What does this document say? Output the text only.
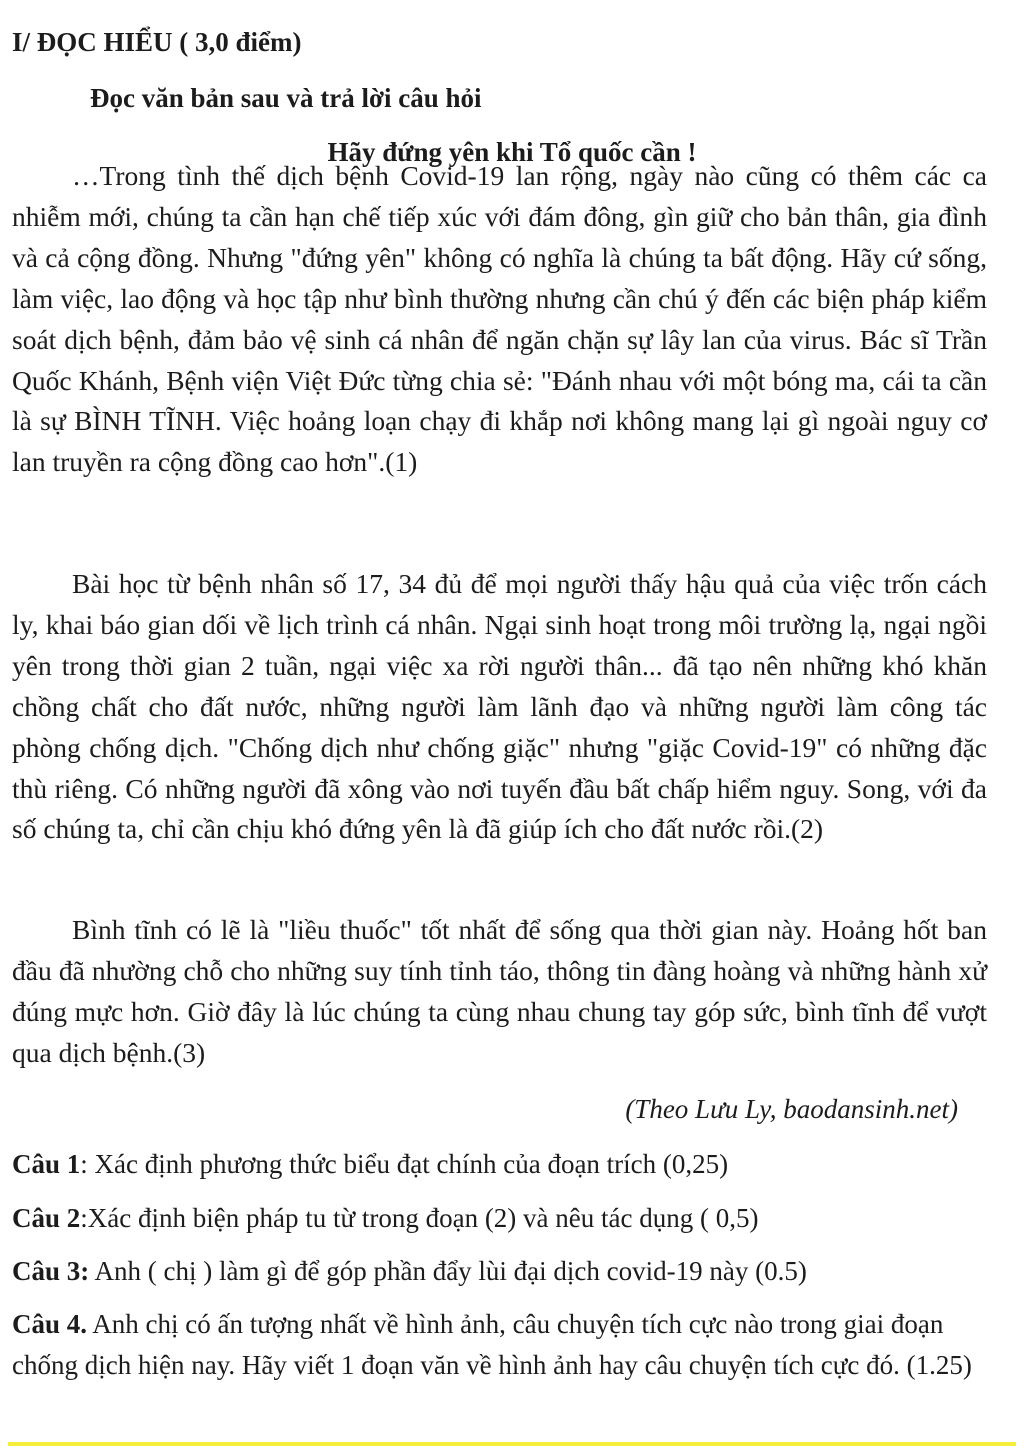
I/ ĐỌC HIỂU ( 3,0 điểm)
Đọc văn bản sau và trả lời câu hỏi
Hãy đứng yên khi Tổ quốc cần !

…Trong tình thế dịch bệnh Covid-19 lan rộng, ngày nào cũng có thêm các ca nhiễm mới, chúng ta cần hạn chế tiếp xúc với đám đông, gìn giữ cho bản thân, gia đình và cả cộng đồng. Nhưng "đứng yên" không có nghĩa là chúng ta bất động. Hãy cứ sống, làm việc, lao động và học tập như bình thường nhưng cần chú ý đến các biện pháp kiểm soát dịch bệnh, đảm bảo vệ sinh cá nhân để ngăn chặn sự lây lan của virus. Bác sĩ Trần Quốc Khánh, Bệnh viện Việt Đức từng chia sẻ: "Đánh nhau với một bóng ma, cái ta cần là sự BÌNH TĨNH. Việc hoảng loạn chạy đi khắp nơi không mang lại gì ngoài nguy cơ lan truyền ra cộng đồng cao hơn".(1)

Bài học từ bệnh nhân số 17, 34 đủ để mọi người thấy hậu quả của việc trốn cách ly, khai báo gian dối về lịch trình cá nhân. Ngại sinh hoạt trong môi trường lạ, ngại ngồi yên trong thời gian 2 tuần, ngại việc xa rời người thân... đã tạo nên những khó khăn chồng chất cho đất nước, những người làm lãnh đạo và những người làm công tác phòng chống dịch. "Chống dịch như chống giặc" nhưng "giặc Covid-19" có những đặc thù riêng. Có những người đã xông vào nơi tuyến đầu bất chấp hiểm nguy. Song, với đa số chúng ta, chỉ cần chịu khó đứng yên là đã giúp ích cho đất nước rồi.(2)

Bình tĩnh có lẽ là "liều thuốc" tốt nhất để sống qua thời gian này. Hoảng hốt ban đầu đã nhường chỗ cho những suy tính tỉnh táo, thông tin đàng hoàng và những hành xử đúng mực hơn. Giờ đây là lúc chúng ta cùng nhau chung tay góp sức, bình tĩnh để vượt qua dịch bệnh.(3)

(Theo Lưu Ly, baodansinh.net)

Câu 1: Xác định phương thức biểu đạt chính của đoạn trích (0,25)

Câu 2:Xác định biện pháp tu từ trong đoạn (2) và nêu tác dụng ( 0,5)

Câu 3: Anh ( chị ) làm gì để góp phần đẩy lùi đại dịch covid-19 này (0.5)

Câu 4. Anh chị có ấn tượng nhất về hình ảnh, câu chuyện tích cực nào trong giai đoạn chống dịch hiện nay. Hãy viết 1 đoạn văn về hình ảnh hay câu chuyện tích cực đó. (1.25)
